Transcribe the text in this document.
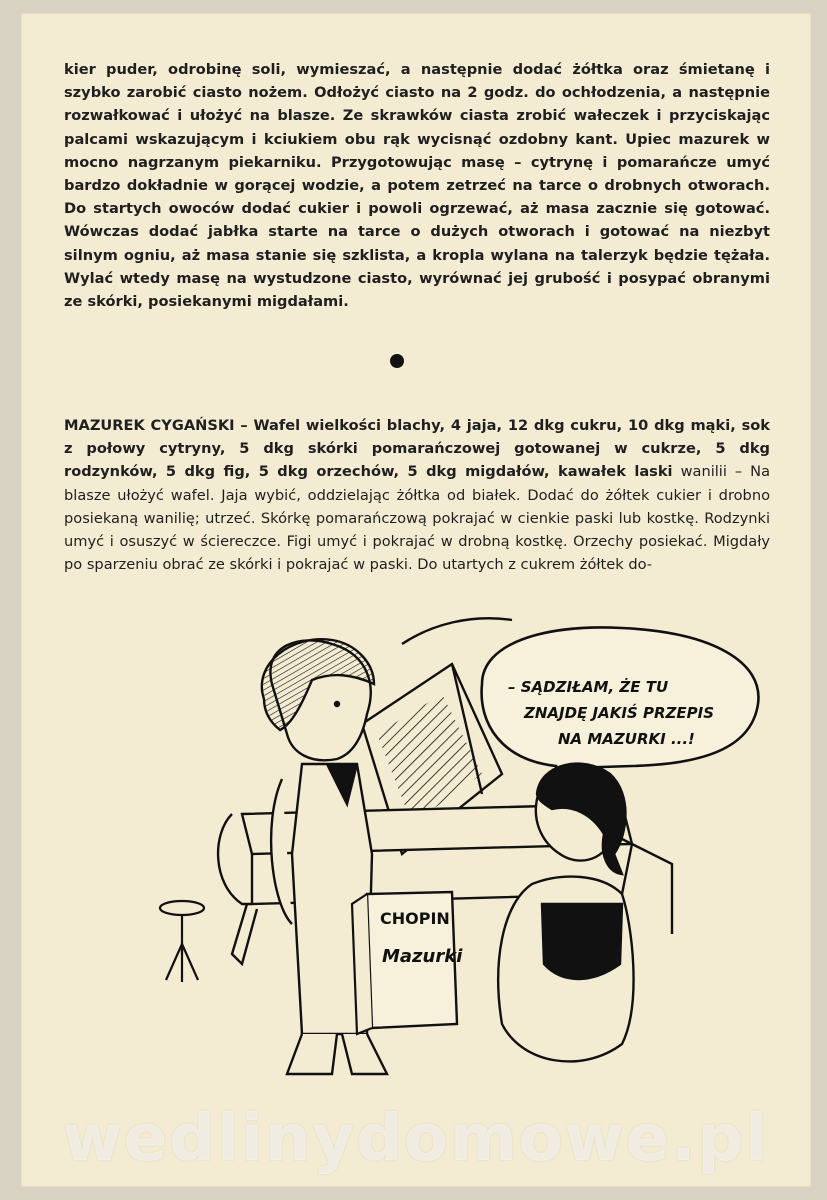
kier puder, odrobinę soli, wymieszać, a następnie dodać żółtka oraz śmietanę i szybko zarobić ciasto nożem. Odłożyć ciasto na 2 godz. do ochłodzenia, a następnie rozwałkować i ułożyć na blasze. Ze skrawków ciasta zrobić wałeczek i przyciskając palcami wskazującym i kciukiem obu rąk wycisnąć ozdobny kant. Upiec mazurek w mocno nagrzanym piekarniku. Przygotowując masę – cytrynę i pomarańcze umyć bardzo dokładnie w gorącej wodzie, a potem zetrzeć na tarce o drobnych otworach. Do startych owoców dodać cukier i powoli ogrzewać, aż masa zacznie się gotować. Wówczas dodać jabłka starte na tarce o dużych otworach i gotować na niezbyt silnym ogniu, aż masa stanie się szklista, a kropla wylana na talerzyk będzie tężała. Wylać wtedy masę na wystudzone ciasto, wyrównać jej grubość i posypać obranymi ze skórki, posiekanymi migdałami.
MAZUREK CYGAŃSKI – Wafel wielkości blachy, 4 jaja, 12 dkg cukru, 10 dkg mąki, sok z połowy cytryny, 5 dkg skórki pomarańczowej gotowanej w cukrze, 5 dkg rodzynków, 5 dkg fig, 5 dkg orzechów, 5 dkg migdałów, kawałek laski wanilii – Na blasze ułożyć wafel. Jaja wybić, oddzielając żółtka od białek. Dodać do żółtek cukier i drobno posiekaną wanilię; utrzeć. Skórkę pomarańczową pokrajać w cienkie paski lub kostkę. Rodzynki umyć i osuszyć w ściereczce. Figi umyć i pokrajać w drobną kostkę. Orzechy posiekać. Migdały po sparzeniu obrać ze skórki i pokrajać w paski. Do utartych z cukrem żółtek do-
– SĄDZIŁAM, ŻE TU
ZNAJDĘ JAKIŚ PRZEPIS
NA MAZURKI ...!
CHOPIN
Mazurki
wedlinydomowe.pl
